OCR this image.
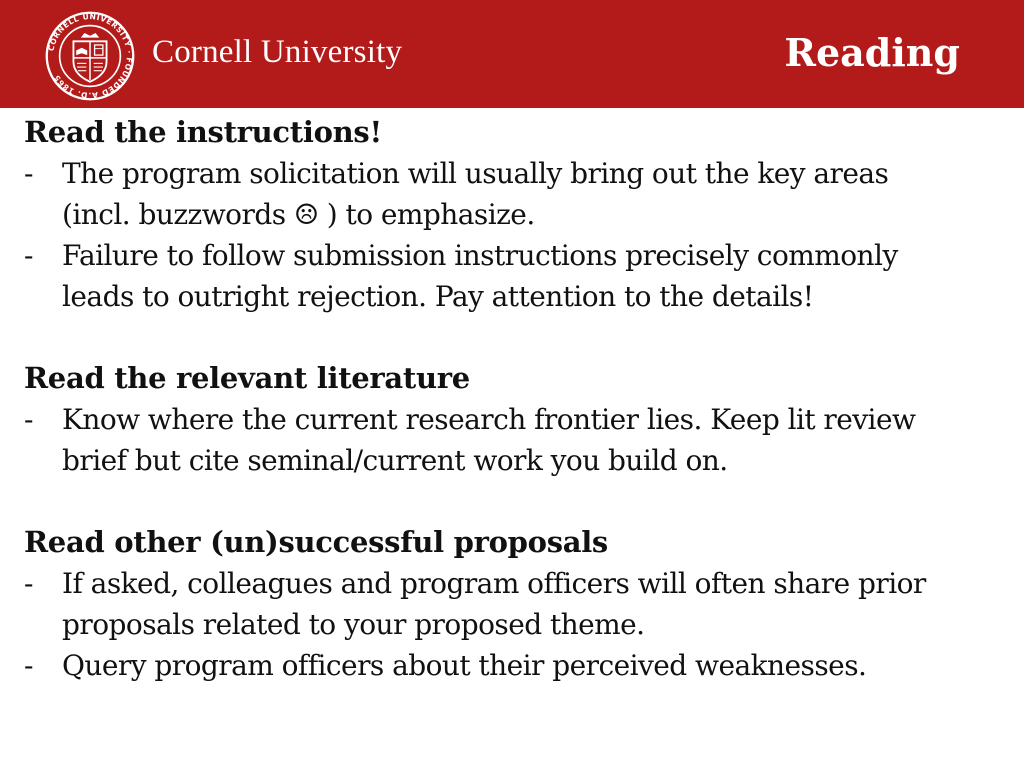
CORNELL UNIVERSITY · FOUNDED A.D. 1865
Cornell University	Reading
Read the instructions!
-	The program solicitation will usually bring out the key areas
(incl. buzzwords ☹ ) to emphasize.
-	Failure to follow submission instructions precisely commonly
leads to outright rejection. Pay attention to the details!
Read the relevant literature
-	Know where the current research frontier lies. Keep lit review
brief but cite seminal/current work you build on.
Read other (un)successful proposals
-	If asked, colleagues and program officers will often share prior
proposals related to your proposed theme.
-	Query program officers about their perceived weaknesses.
